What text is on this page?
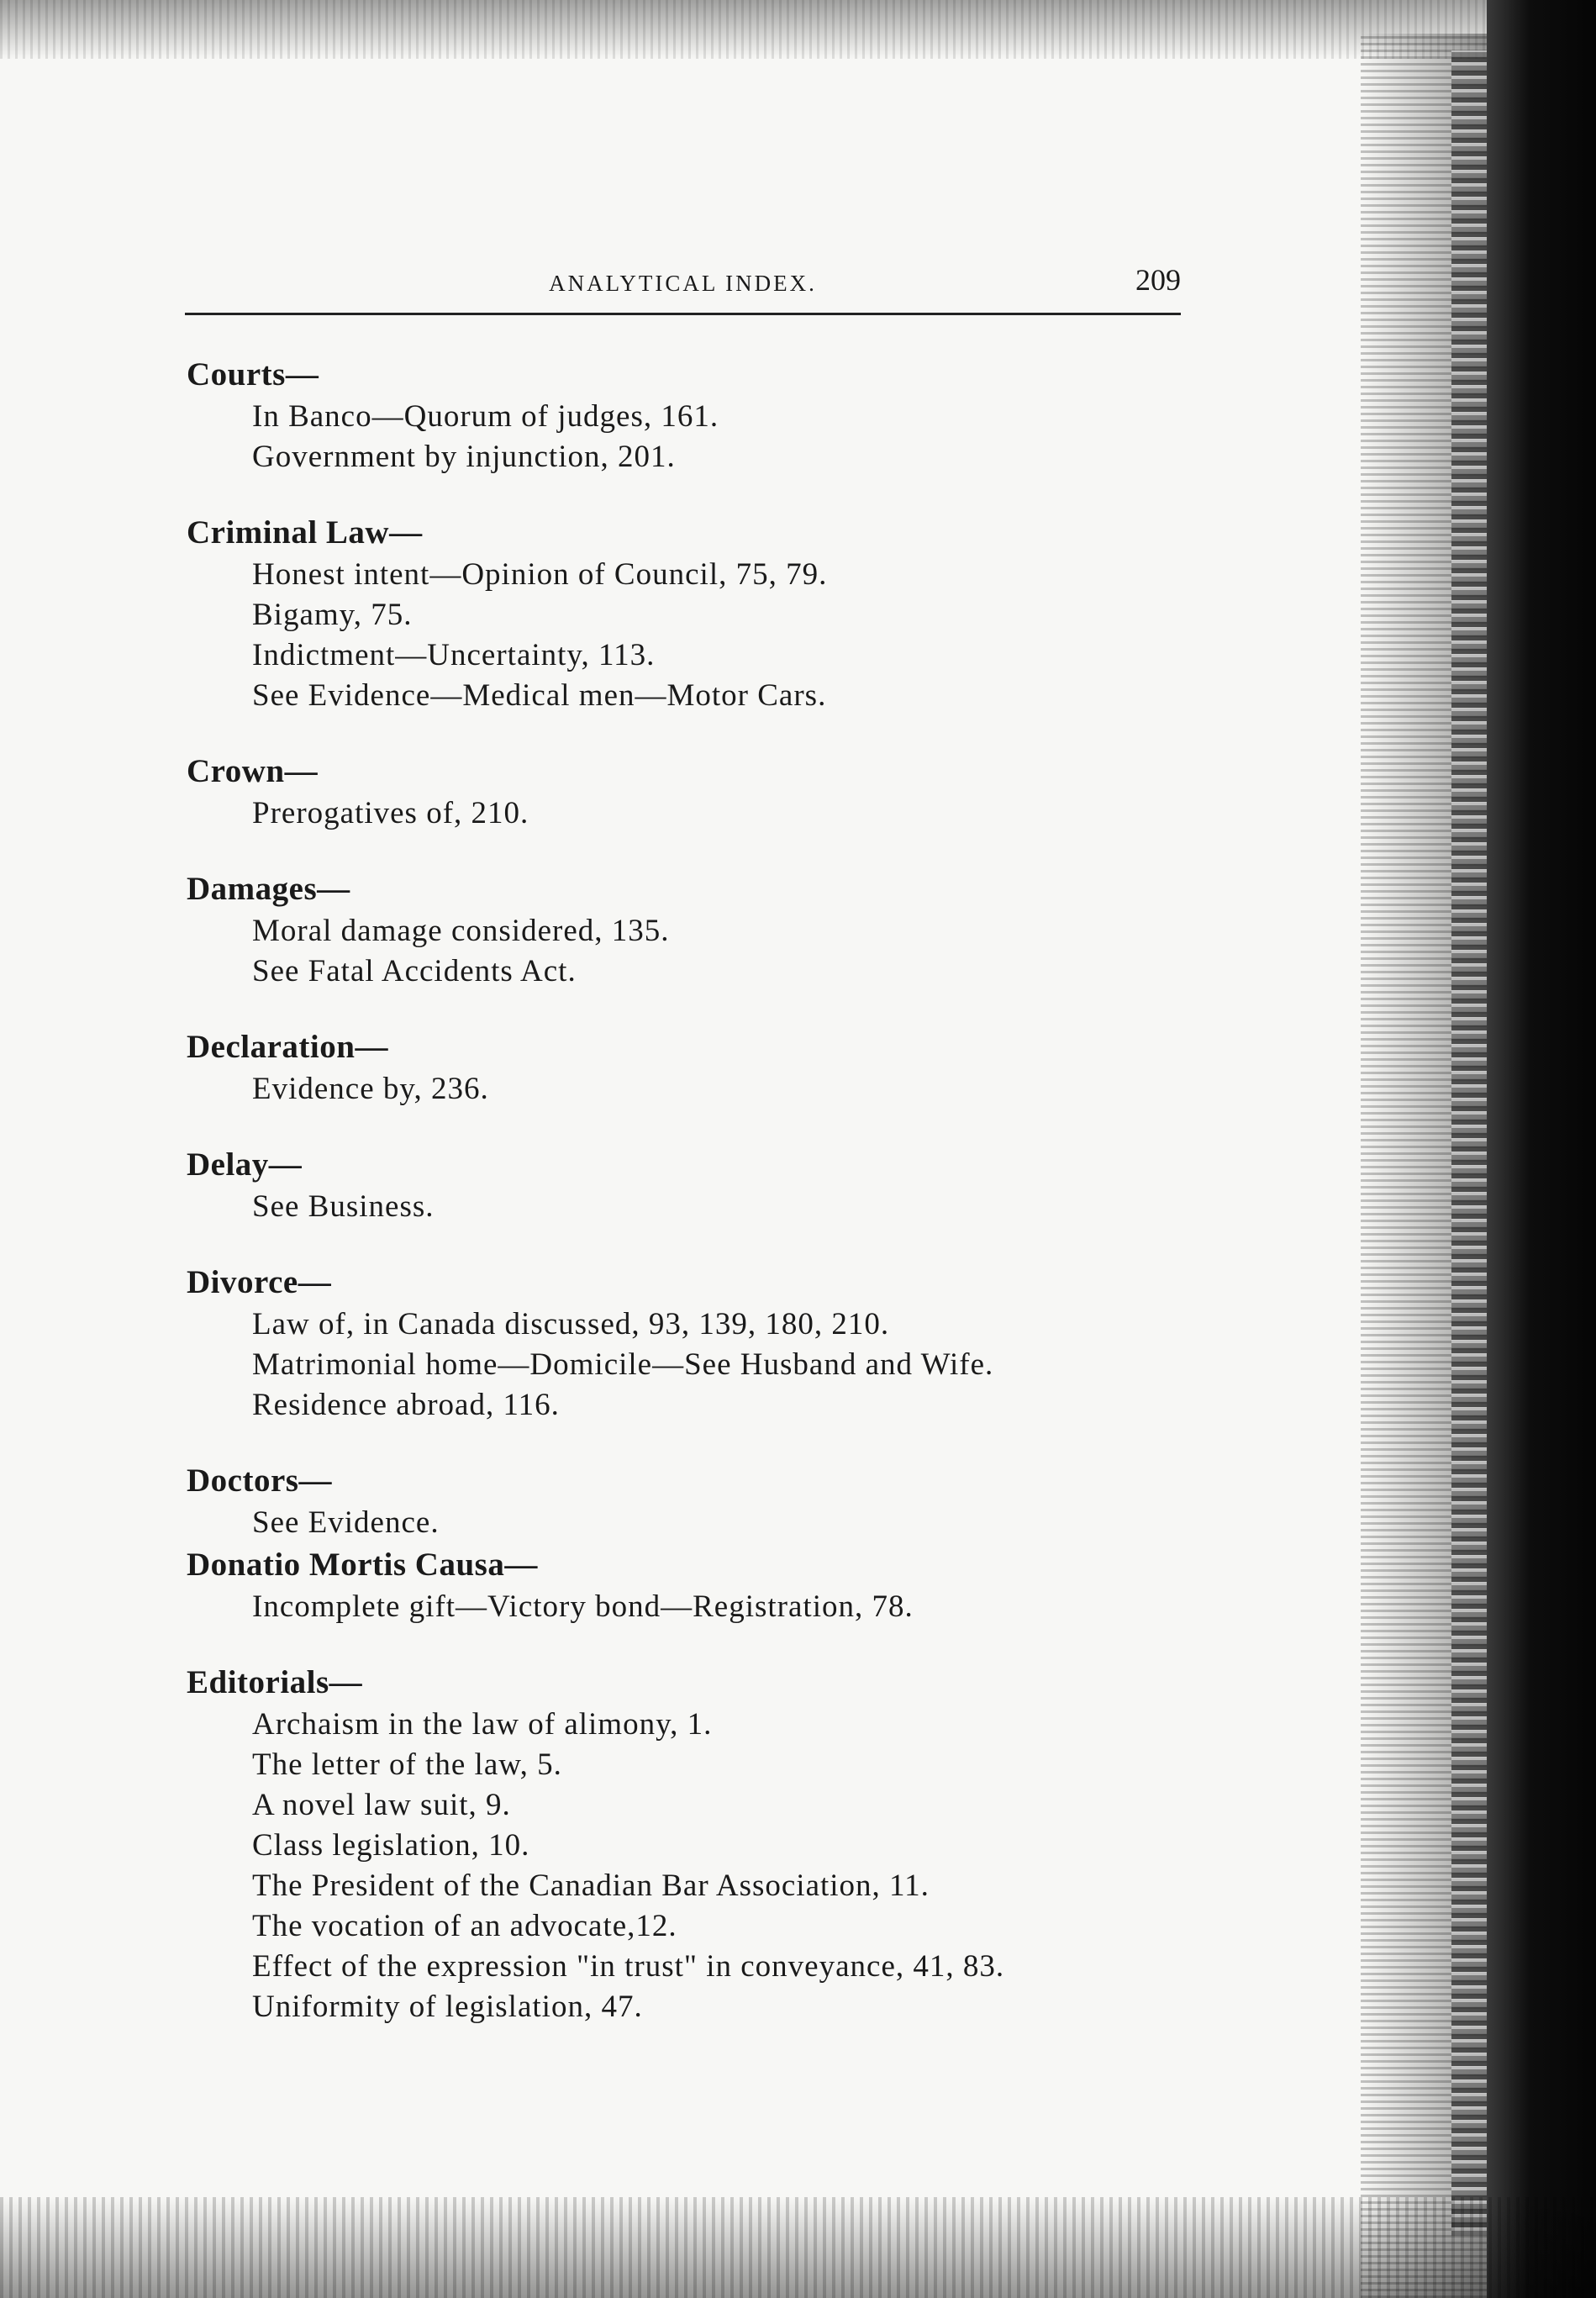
ANALYTICAL INDEX.	209
Courts—
In Banco—Quorum of judges, 161.
Government by injunction, 201.
Criminal Law—
Honest intent—Opinion of Council, 75, 79.
Bigamy, 75.
Indictment—Uncertainty, 113.
See Evidence—Medical men—Motor Cars.
Crown—
Prerogatives of, 210.
Damages—
Moral damage considered, 135.
See Fatal Accidents Act.
Declaration—
Evidence by, 236.
Delay—
See Business.
Divorce—
Law of, in Canada discussed, 93, 139, 180, 210.
Matrimonial home—Domicile—See Husband and Wife.
Residence abroad, 116.
Doctors—
See Evidence.
Donatio Mortis Causa—
Incomplete gift—Victory bond—Registration, 78.
Editorials—
Archaism in the law of alimony, 1.
The letter of the law, 5.
A novel law suit, 9.
Class legislation, 10.
The President of the Canadian Bar Association, 11.
The vocation of an advocate,12.
Effect of the expression "in trust" in conveyance, 41, 83.
Uniformity of legislation, 47.
